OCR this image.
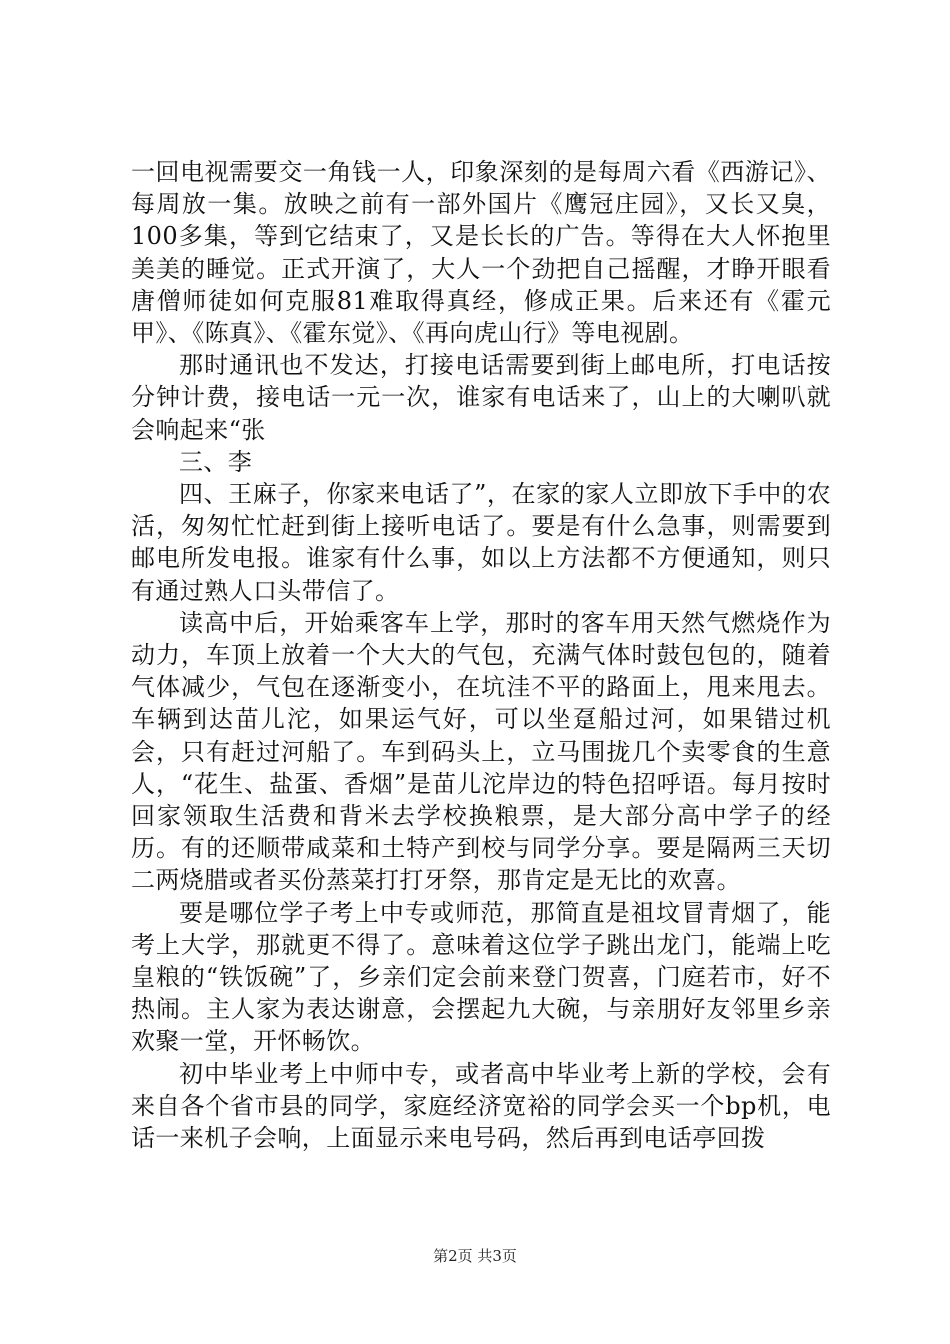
一回电视需要交一角钱一人，印象深刻的是每周六看《西游记》、每周放一集。放映之前有一部外国片《鹰冠庄园》，又长又臭，100多集，等到它结束了，又是长长的广告。等得在大人怀抱里美美的睡觉。正式开演了，大人一个劲把自己摇醒，才睁开眼看唐僧师徒如何克服81难取得真经，修成正果。后来还有《霍元甲》、《陈真》、《霍东觉》、《再向虎山行》等电视剧。

那时通讯也不发达，打接电话需要到街上邮电所，打电话按分钟计费，接电话一元一次，谁家有电话来了，山上的大喇叭就会响起来“张

三、李

四、王麻子，你家来电话了”，在家的家人立即放下手中的农活，匆匆忙忙赶到街上接听电话了。要是有什么急事，则需要到邮电所发电报。谁家有什么事，如以上方法都不方便通知，则只有通过熟人口头带信了。

读高中后，开始乘客车上学，那时的客车用天然气燃烧作为动力，车顶上放着一个大大的气包，充满气体时鼓包包的，随着气体减少，气包在逐渐变小，在坑洼不平的路面上，甩来甩去。车辆到达苗儿沱，如果运气好，可以坐趸船过河，如果错过机会，只有赶过河船了。车到码头上，立马围拢几个卖零食的生意人，“花生、盐蛋、香烟”是苗儿沱岸边的特色招呼语。每月按时回家领取生活费和背米去学校换粮票，是大部分高中学子的经历。有的还顺带咸菜和土特产到校与同学分享。要是隔两三天切二两烧腊或者买份蒸菜打打牙祭，那肯定是无比的欢喜。

要是哪位学子考上中专或师范，那简直是祖坟冒青烟了，能考上大学，那就更不得了。意味着这位学子跳出龙门，能端上吃皇粮的“铁饭碗”了，乡亲们定会前来登门贺喜，门庭若市，好不热闹。主人家为表达谢意，会摆起九大碗，与亲朋好友邻里乡亲欢聚一堂，开怀畅饮。

初中毕业考上中师中专，或者高中毕业考上新的学校，会有来自各个省市县的同学，家庭经济宽裕的同学会买一个bp机，电话一来机子会响，上面显示来电号码，然后再到电话亭回拨

第2页 共3页
